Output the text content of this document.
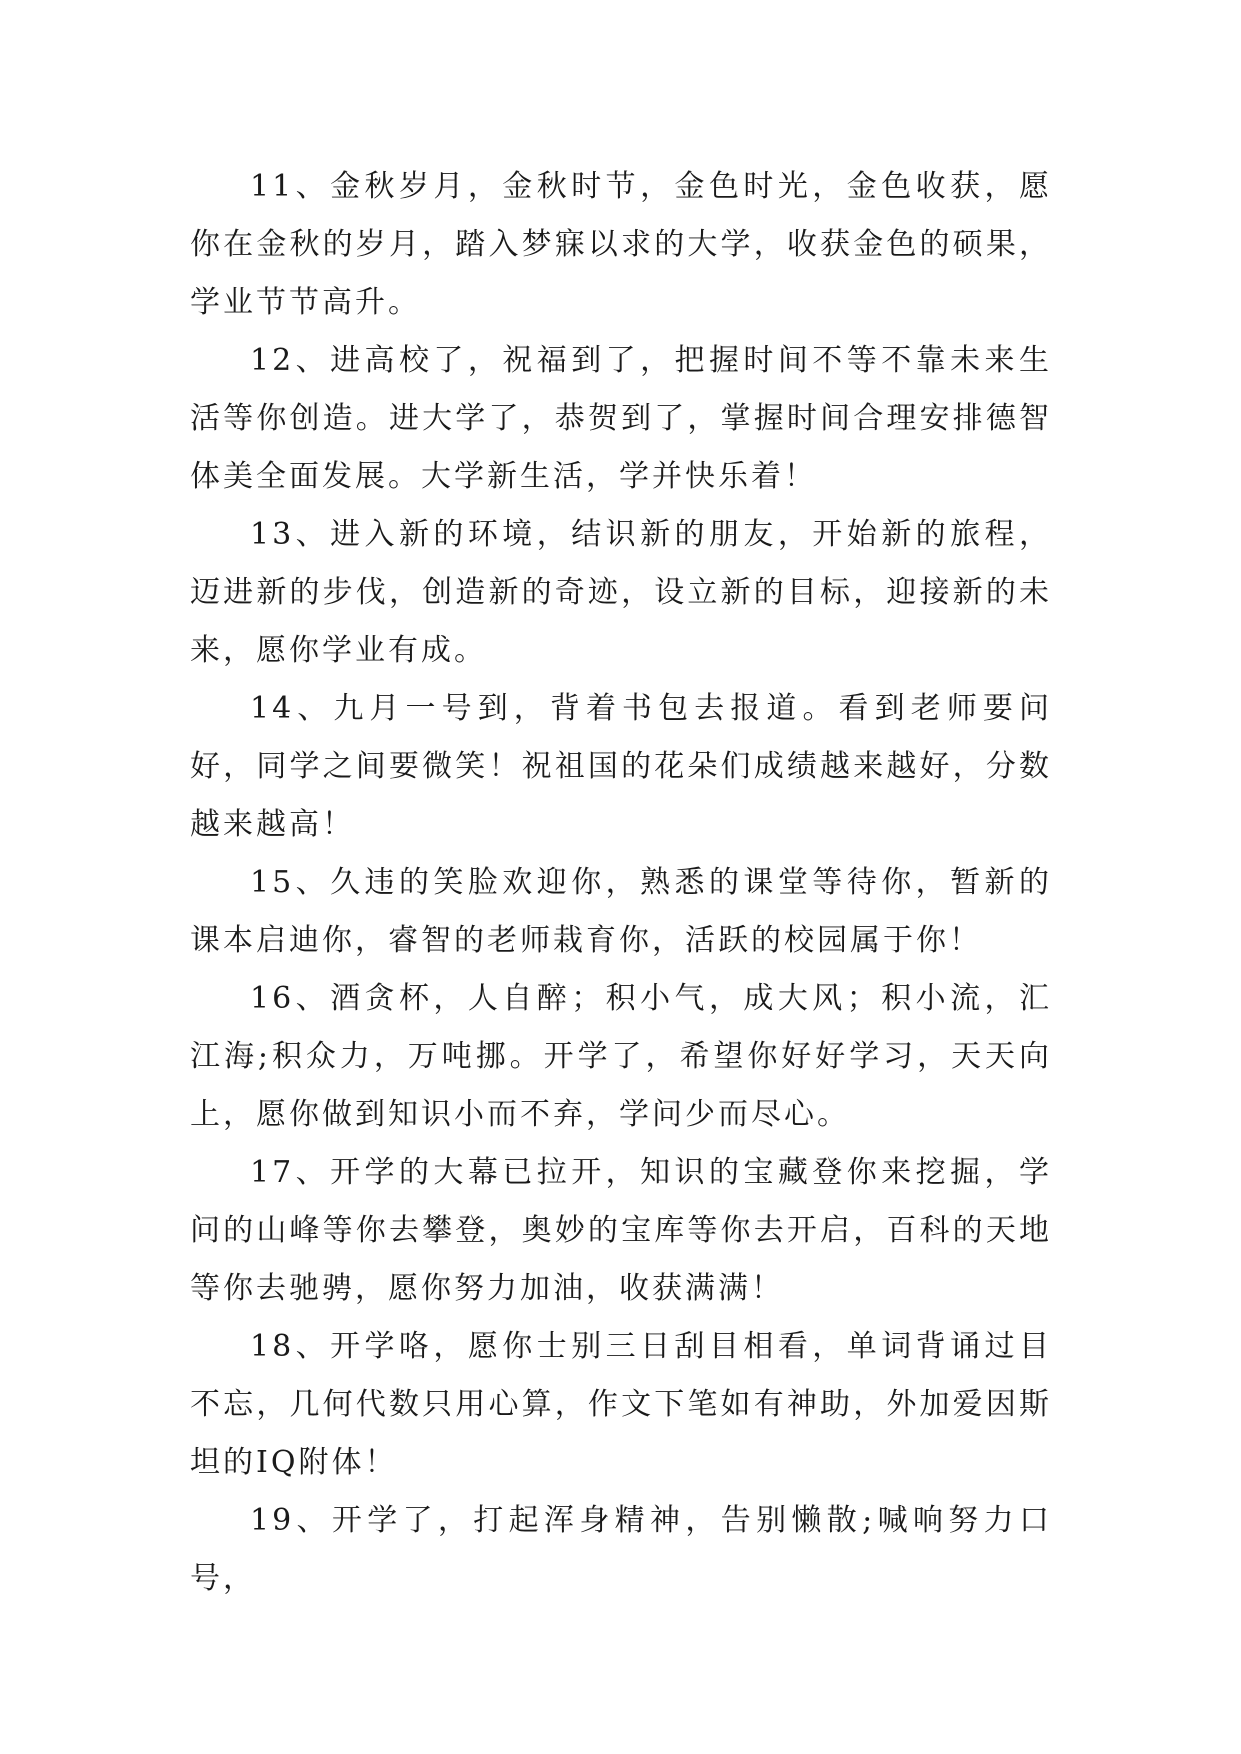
11、金秋岁月，金秋时节，金色时光，金色收获，愿你在金秋的岁月，踏入梦寐以求的大学，收获金色的硕果，学业节节高升。

12、进高校了，祝福到了，把握时间不等不靠未来生活等你创造。进大学了，恭贺到了，掌握时间合理安排德智体美全面发展。大学新生活，学并快乐着！

13、进入新的环境，结识新的朋友，开始新的旅程，迈进新的步伐，创造新的奇迹，设立新的目标，迎接新的未来，愿你学业有成。

14、九月一号到，背着书包去报道。看到老师要问好，同学之间要微笑！祝祖国的花朵们成绩越来越好，分数越来越高！

15、久违的笑脸欢迎你，熟悉的课堂等待你，暂新的课本启迪你，睿智的老师栽育你，活跃的校园属于你！

16、酒贪杯，人自醉；积小气，成大风；积小流，汇江海;积众力，万吨挪。开学了，希望你好好学习，天天向上，愿你做到知识小而不弃，学问少而尽心。

17、开学的大幕已拉开，知识的宝藏登你来挖掘，学问的山峰等你去攀登，奥妙的宝库等你去开启，百科的天地等你去驰骋，愿你努力加油，收获满满！

18、开学咯，愿你士别三日刮目相看，单词背诵过目不忘，几何代数只用心算，作文下笔如有神助，外加爱因斯坦的IQ附体！

19、开学了，打起浑身精神，告别懒散;喊响努力口号，
